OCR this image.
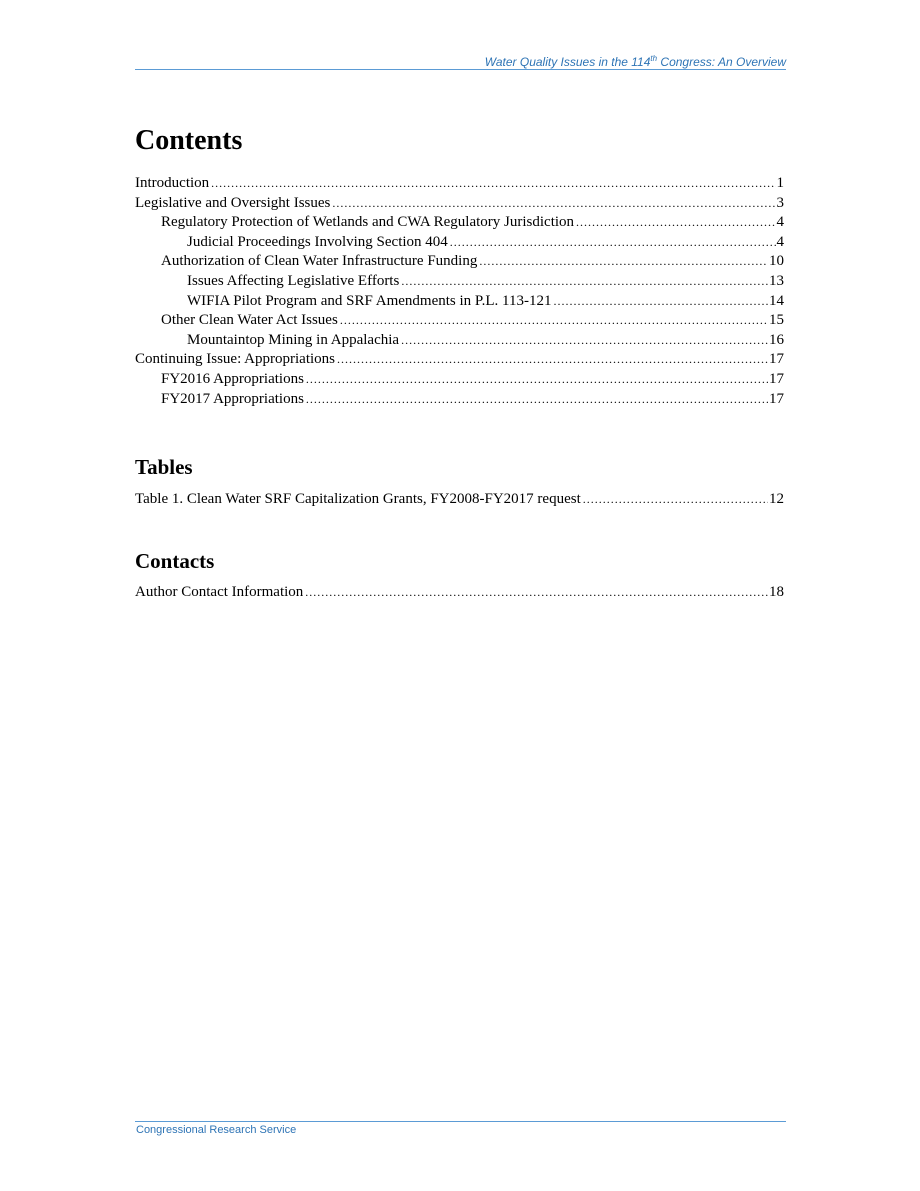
Water Quality Issues in the 114th Congress: An Overview
Contents
Introduction .....	1
Legislative and Oversight Issues .....	3
Regulatory Protection of Wetlands and CWA Regulatory Jurisdiction .....	4
Judicial Proceedings Involving Section 404 .....	4
Authorization of Clean Water Infrastructure Funding .....	10
Issues Affecting Legislative Efforts .....	13
WIFIA Pilot Program and SRF Amendments in P.L. 113-121 .....	14
Other Clean Water Act Issues .....	15
Mountaintop Mining in Appalachia .....	16
Continuing Issue: Appropriations .....	17
FY2016 Appropriations .....	17
FY2017 Appropriations .....	17
Tables
Table 1. Clean Water SRF Capitalization Grants, FY2008-FY2017 request .....	12
Contacts
Author Contact Information .....	18
Congressional Research Service
